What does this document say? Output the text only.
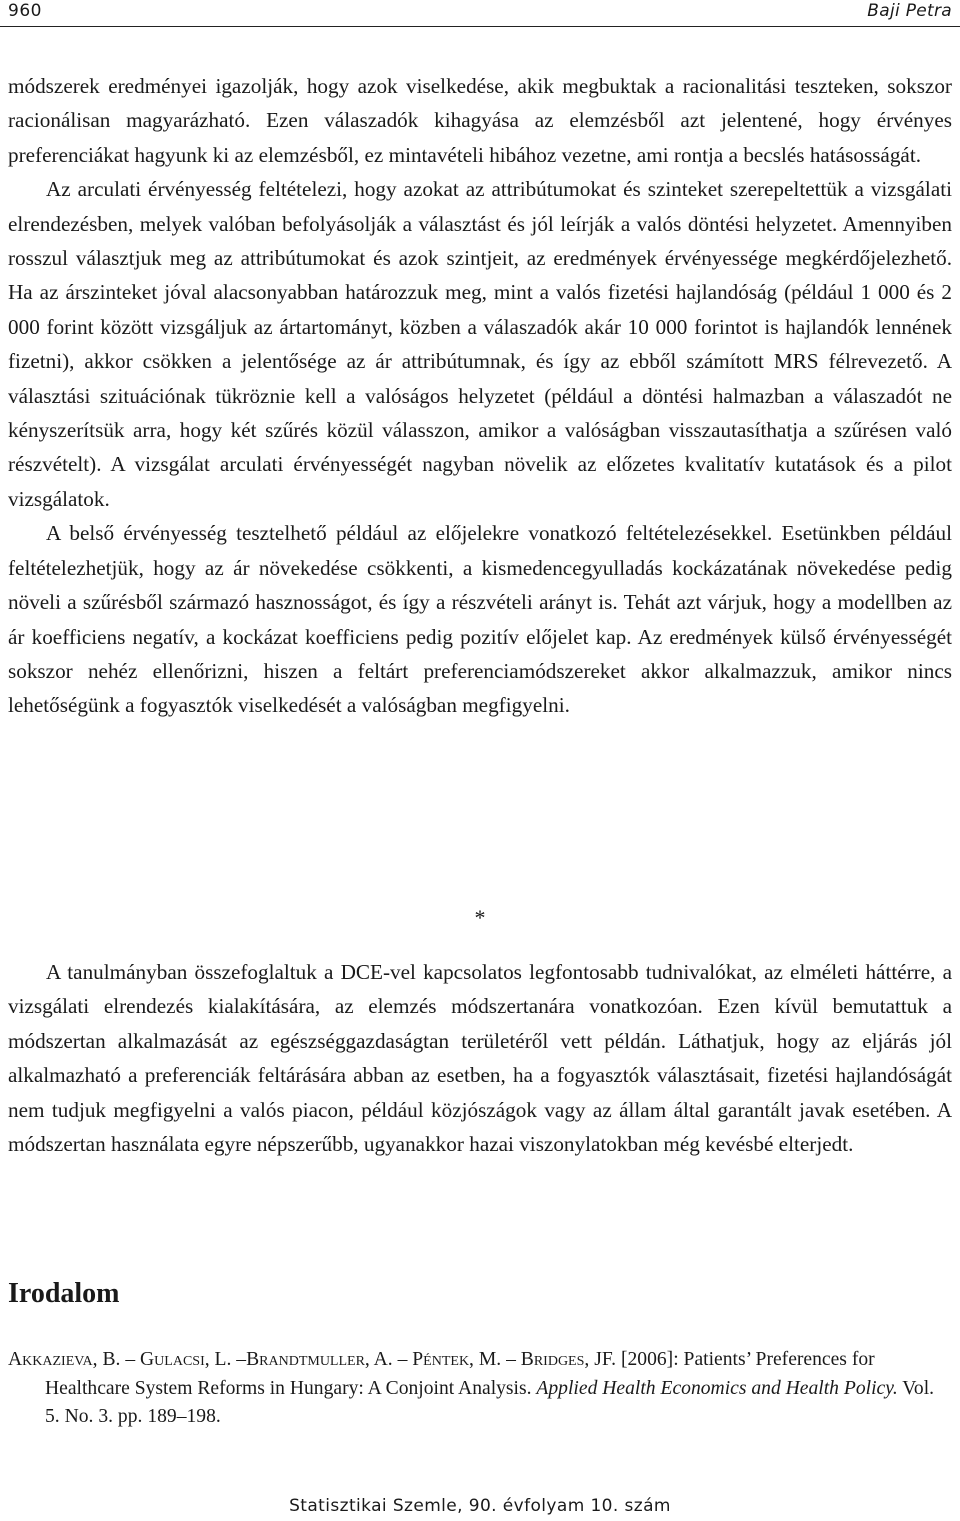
960	Baji Petra

módszerek eredményei igazolják, hogy azok viselkedése, akik megbuktak a racionalitási teszteken, sokszor racionálisan magyarázható. Ezen válaszadók kihagyása az elemzésből azt jelentené, hogy érvényes preferenciákat hagyunk ki az elemzésből, ez mintavételi hibához vezetne, ami rontja a becslés hatásosságát.

Az arculati érvényesség feltételezi, hogy azokat az attribútumokat és szinteket szerepeltettük a vizsgálati elrendezésben, melyek valóban befolyásolják a választást és jól leírják a valós döntési helyzetet. Amennyiben rosszul választjuk meg az attribútumokat és azok szintjeit, az eredmények érvényessége megkérdőjelezhető. Ha az árszinteket jóval alacsonyabban határozzuk meg, mint a valós fizetési hajlandóság (például 1 000 és 2 000 forint között vizsgáljuk az ártartományt, közben a válaszadók akár 10 000 forintot is hajlandók lennének fizetni), akkor csökken a jelentősége az ár attribútumnak, és így az ebből számított MRS félrevezető. A választási szituációnak tükröznie kell a valóságos helyzetet (például a döntési halmazban a válaszadót ne kényszerítsük arra, hogy két szűrés közül válasszon, amikor a valóságban visszautasíthatja a szűrésen való részvételt). A vizsgálat arculati érvényességét nagyban növelik az előzetes kvalitatív kutatások és a pilot vizsgálatok.

A belső érvényesség tesztelhető például az előjelekre vonatkozó feltételezésekkel. Esetünkben például feltételezhetjük, hogy az ár növekedése csökkenti, a kismedencegyulladás kockázatának növekedése pedig növeli a szűrésből származó hasznosságot, és így a részvételi arányt is. Tehát azt várjuk, hogy a modellben az ár koefficiens negatív, a kockázat koefficiens pedig pozitív előjelet kap. Az eredmények külső érvényességét sokszor nehéz ellenőrizni, hiszen a feltárt preferenciamódszereket akkor alkalmazzuk, amikor nincs lehetőségünk a fogyasztók viselkedését a valóságban megfigyelni.

*

A tanulmányban összefoglaltuk a DCE-vel kapcsolatos legfontosabb tudnivalókat, az elméleti háttérre, a vizsgálati elrendezés kialakítására, az elemzés módszertanára vonatkozóan. Ezen kívül bemutattuk a módszertan alkalmazását az egészséggazdaságtan területéről vett példán. Láthatjuk, hogy az eljárás jól alkalmazható a preferenciák feltárására abban az esetben, ha a fogyasztók választásait, fizetési hajlandóságát nem tudjuk megfigyelni a valós piacon, például közjószágok vagy az állam által garantált javak esetében. A módszertan használata egyre népszerűbb, ugyanakkor hazai viszonylatokban még kevésbé elterjedt.

Irodalom
Akkazieva, B. – Gulacsi, L. –Brandtmuller, A. – Péntek, M. – Bridges, JF. [2006]: Patients’ Preferences for Healthcare System Reforms in Hungary: A Conjoint Analysis. Applied Health Economics and Health Policy. Vol. 5. No. 3. pp. 189–198.
Statisztikai Szemle, 90. évfolyam 10. szám
